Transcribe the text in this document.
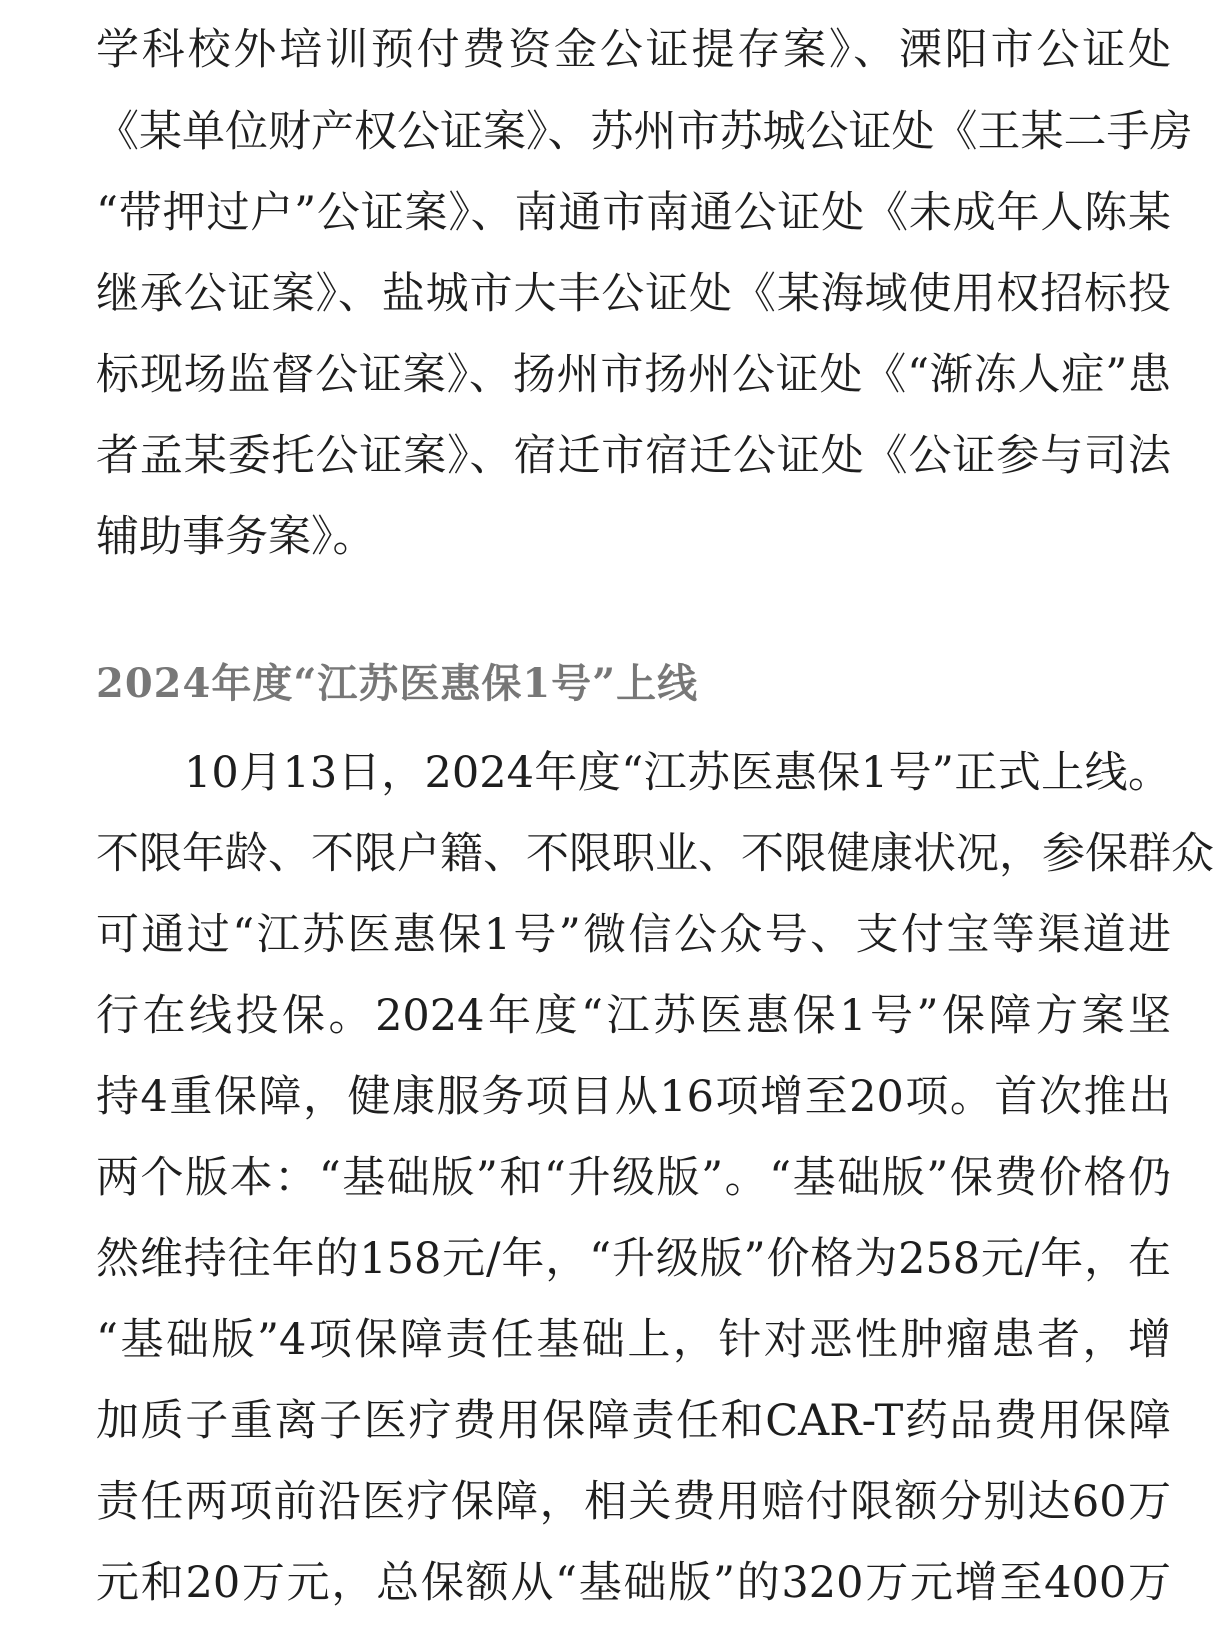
学科校外培训预付费资金公证提存案》、溧阳市公证处
《某单位财产权公证案》、苏州市苏城公证处《王某二手房
“带押过户”公证案》、南通市南通公证处《未成年人陈某
继承公证案》、盐城市大丰公证处《某海域使用权招标投
标现场监督公证案》、扬州市扬州公证处《“渐冻人症”患
者孟某委托公证案》、宿迁市宿迁公证处《公证参与司法
辅助事务案》。
2024年度“江苏医惠保1号”上线
10月13日，2024年度“江苏医惠保1号”正式上线。
不限年龄、不限户籍、不限职业、不限健康状况，参保群众
可通过“江苏医惠保1号”微信公众号、支付宝等渠道进
行在线投保。2024年度“江苏医惠保1号”保障方案坚
持4重保障，健康服务项目从16项增至20项。首次推出
两个版本：“基础版”和“升级版”。“基础版”保费价格仍
然维持往年的158元/年，“升级版”价格为258元/年，在
“基础版”4项保障责任基础上，针对恶性肿瘤患者，增
加质子重离子医疗费用保障责任和CAR-T药品费用保障
责任两项前沿医疗保障，相关费用赔付限额分别达60万
元和20万元，总保额从“基础版”的320万元增至400万
